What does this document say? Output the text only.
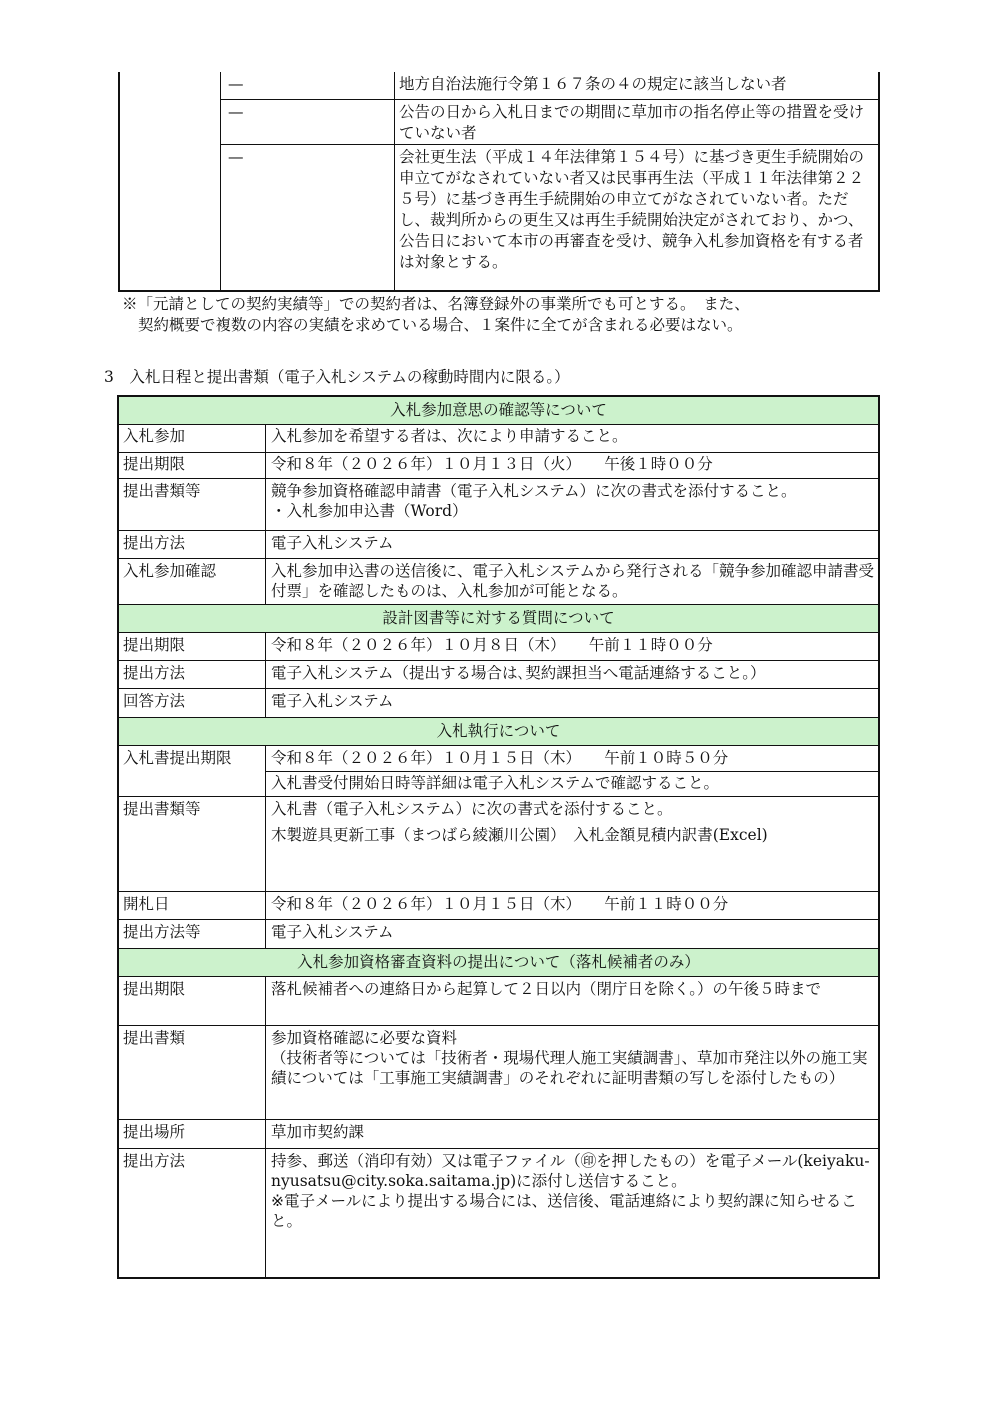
—	地方自治法施行令第１６７条の４の規定に該当しない者
—	公告の日から入札日までの期間に草加市の指名停止等の措置を受けていない者
—	会社更生法（平成１４年法律第１５４号）に基づき更生手続開始の申立てがなされていない者又は民事再生法（平成１１年法律第２２５号）に基づき再生手続開始の申立てがなされていない者。ただし、裁判所からの更生又は再生手続開始決定がされており、かつ、公告日において本市の再審査を受け、競争入札参加資格を有する者は対象とする。
※「元請としての契約実績等」での契約者は、名簿登録外の事業所でも可とする。　また、
契約概要で複数の内容の実績を求めている場合、１案件に全てが含まれる必要はない。
3　入札日程と提出書類（電子入札システムの稼動時間内に限る。）
入札参加意思の確認等について
入札参加	入札参加を希望する者は、次により申請すること。
提出期限	令和８年（２０２６年）１０月１３日（火）　　午後１時００分
提出書類等	競争参加資格確認申請書（電子入札システム）に次の書式を添付すること。
・入札参加申込書（Word）
提出方法	電子入札システム
入札参加確認	入札参加申込書の送信後に、電子入札システムから発行される「競争参加確認申請書受付票」を確認したものは、入札参加が可能となる。
設計図書等に対する質問について
提出期限	令和８年（２０２６年）１０月８日（木）　　午前１１時００分
提出方法	電子入札システム（提出する場合は､契約課担当へ電話連絡すること。）
回答方法	電子入札システム
入札執行について
入札書提出期限	令和８年（２０２６年）１０月１５日（木）　　午前１０時５０分
入札書受付開始日時等詳細は電子入札システムで確認すること。
提出書類等	入札書（電子入札システム）に次の書式を添付すること。
木製遊具更新工事（まつばら綾瀬川公園）　入札金額見積内訳書(Excel)
開札日	令和８年（２０２６年）１０月１５日（木）　　午前１１時００分
提出方法等	電子入札システム
入札参加資格審査資料の提出について（落札候補者のみ）
提出期限	落札候補者への連絡日から起算して２日以内（閉庁日を除く。）の午後５時まで
提出書類	参加資格確認に必要な資料
（技術者等については「技術者・現場代理人施工実績調書」、草加市発注以外の施工実績については「工事施工実績調書」のそれぞれに証明書類の写しを添付したもの）
提出場所	草加市契約課
提出方法	持参、郵送（消印有効）又は電子ファイル（㊞を押したもの）を電子メール(keiyaku-nyusatsu@city.soka.saitama.jp)に添付し送信すること。
※電子メールにより提出する場合には、送信後、電話連絡により契約課に知らせること。
